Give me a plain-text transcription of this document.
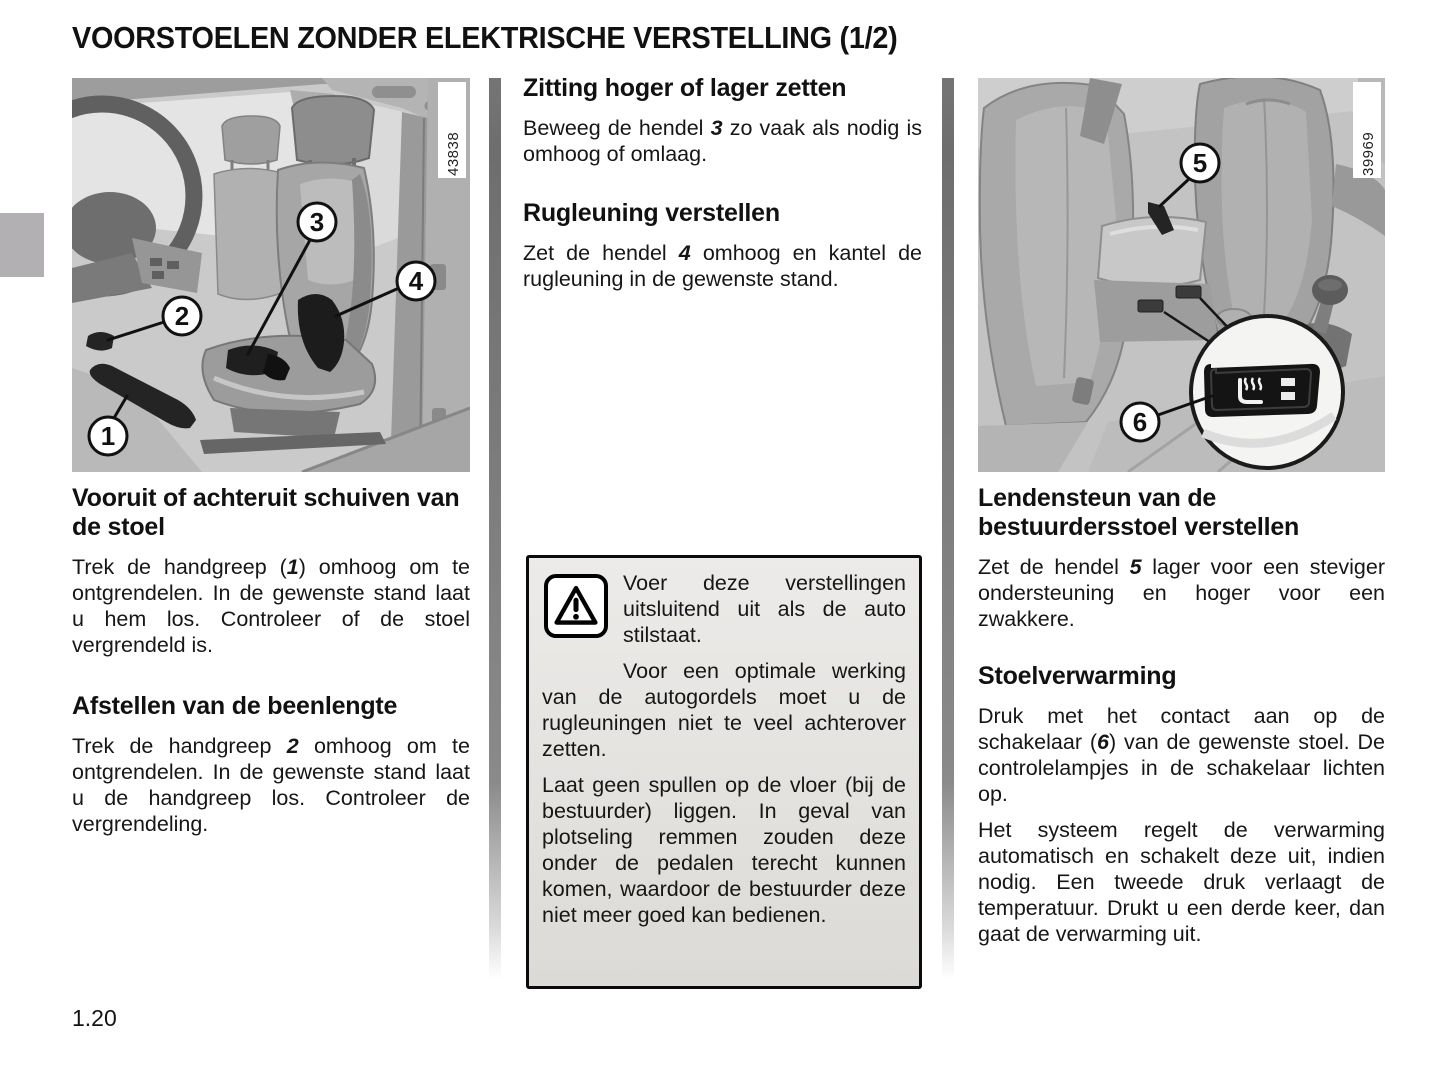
VOORSTOELEN ZONDER ELEKTRISCHE VERSTELLING (1/2)
1
2
3
4
43838	5
6
39969
Vooruit of achteruit schuiven van de stoel

Trek de handgreep (1) omhoog om te ontgrendelen. In de gewenste stand laat u hem los. Controleer of de stoel vergrendeld is.

Afstellen van de beenlengte

Trek de handgreep 2 omhoog om te ontgrendelen. In de gewenste stand laat u de handgreep los. Controleer de vergrendeling.

Zitting hoger of lager zetten

Beweeg de hendel 3 zo vaak als nodig is omhoog of omlaag.

Rugleuning verstellen

Zet de hendel 4 omhoog en kantel de rugleuning in de gewenste stand.

Voer deze verstellingen uitsluitend uit als de auto stilstaat.

Voor een optimale werking van de autogordels moet u de rugleuningen niet te veel achterover zetten.

Laat geen spullen op de vloer (bij de bestuurder) liggen. In geval van plotseling remmen zouden deze onder de pedalen terecht kunnen komen, waardoor de bestuurder deze niet meer goed kan bedienen.

Lendensteun van de bestuurdersstoel verstellen

Zet de hendel 5 lager voor een steviger ondersteuning en hoger voor een zwakkere.

Stoelverwarming

Druk met het contact aan op de schakelaar (6) van de gewenste stoel. De controlelampjes in de schakelaar lichten op.

Het systeem regelt de verwarming automatisch en schakelt deze uit, indien nodig. Een tweede druk verlaagt de temperatuur. Drukt u een derde keer, dan gaat de verwarming uit.

1.20
